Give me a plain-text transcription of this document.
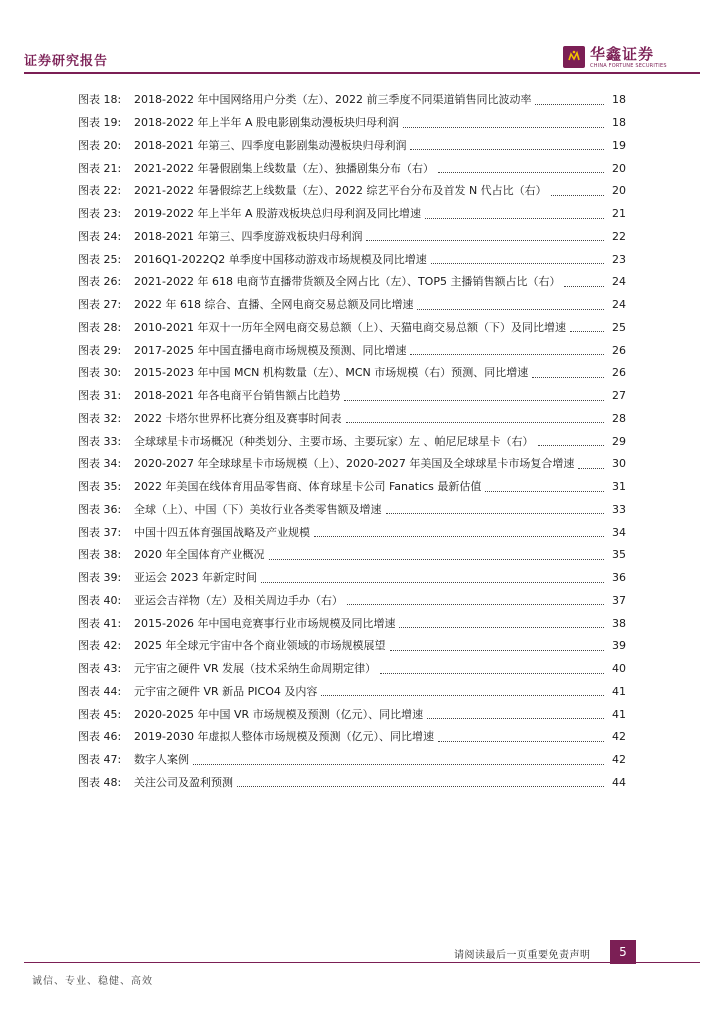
证券研究报告	华鑫证券
CHINA FORTUNE SECURITIES
图表 18:	2018-2022 年中国网络用户分类（左）、2022 前三季度不同渠道销售同比波动率	18
图表 19:	2018-2022 年上半年 A 股电影剧集动漫板块归母利润	18
图表 20:	2018-2021 年第三、四季度电影剧集动漫板块归母利润	19
图表 21:	2021-2022 年暑假剧集上线数量（左）、独播剧集分布（右）	20
图表 22:	2021-2022 年暑假综艺上线数量（左）、2022 综艺平台分布及首发 N 代占比（右）	20
图表 23:	2019-2022 年上半年 A 股游戏板块总归母利润及同比增速	21
图表 24:	2018-2021 年第三、四季度游戏板块归母利润	22
图表 25:	2016Q1-2022Q2 单季度中国移动游戏市场规模及同比增速	23
图表 26:	2021-2022 年 618 电商节直播带货额及全网占比（左）、TOP5 主播销售额占比（右）	24
图表 27:	2022 年 618 综合、直播、全网电商交易总额及同比增速	24
图表 28:	2010-2021 年双十一历年全网电商交易总额（上）、天猫电商交易总额（下）及同比增速	25
图表 29:	2017-2025 年中国直播电商市场规模及预测、同比增速	26
图表 30:	2015-2023 年中国 MCN 机构数量（左）、MCN 市场规模（右）预测、同比增速	26
图表 31:	2018-2021 年各电商平台销售额占比趋势	27
图表 32:	2022 卡塔尔世界杯比赛分组及赛事时间表	28
图表 33:	全球球星卡市场概况（种类划分、主要市场、主要玩家）左 、帕尼尼球星卡（右）	29
图表 34:	2020-2027 年全球球星卡市场规模（上）、2020-2027 年美国及全球球星卡市场复合增速	30
图表 35:	2022 年美国在线体育用品零售商、体育球星卡公司 Fanatics 最新估值	31
图表 36:	全球（上）、中国（下）美妆行业各类零售额及增速	33
图表 37:	中国十四五体育强国战略及产业规模	34
图表 38:	2020 年全国体育产业概况	35
图表 39:	亚运会 2023 年新定时间	36
图表 40:	亚运会吉祥物（左）及相关周边手办（右）	37
图表 41:	2015-2026 年中国电竞赛事行业市场规模及同比增速	38
图表 42:	2025 年全球元宇宙中各个商业领域的市场规模展望	39
图表 43:	元宇宙之硬件 VR 发展（技术采纳生命周期定律）	40
图表 44:	元宇宙之硬件 VR 新品 PICO4 及内容	41
图表 45:	2020-2025 年中国 VR 市场规模及预测（亿元）、同比增速	41
图表 46:	2019-2030 年虚拟人整体市场规模及预测（亿元）、同比增速	42
图表 47:	数字人案例	42
图表 48:	关注公司及盈利预测	44
请阅读最后一页重要免责声明	5
诚信、专业、稳健、高效
